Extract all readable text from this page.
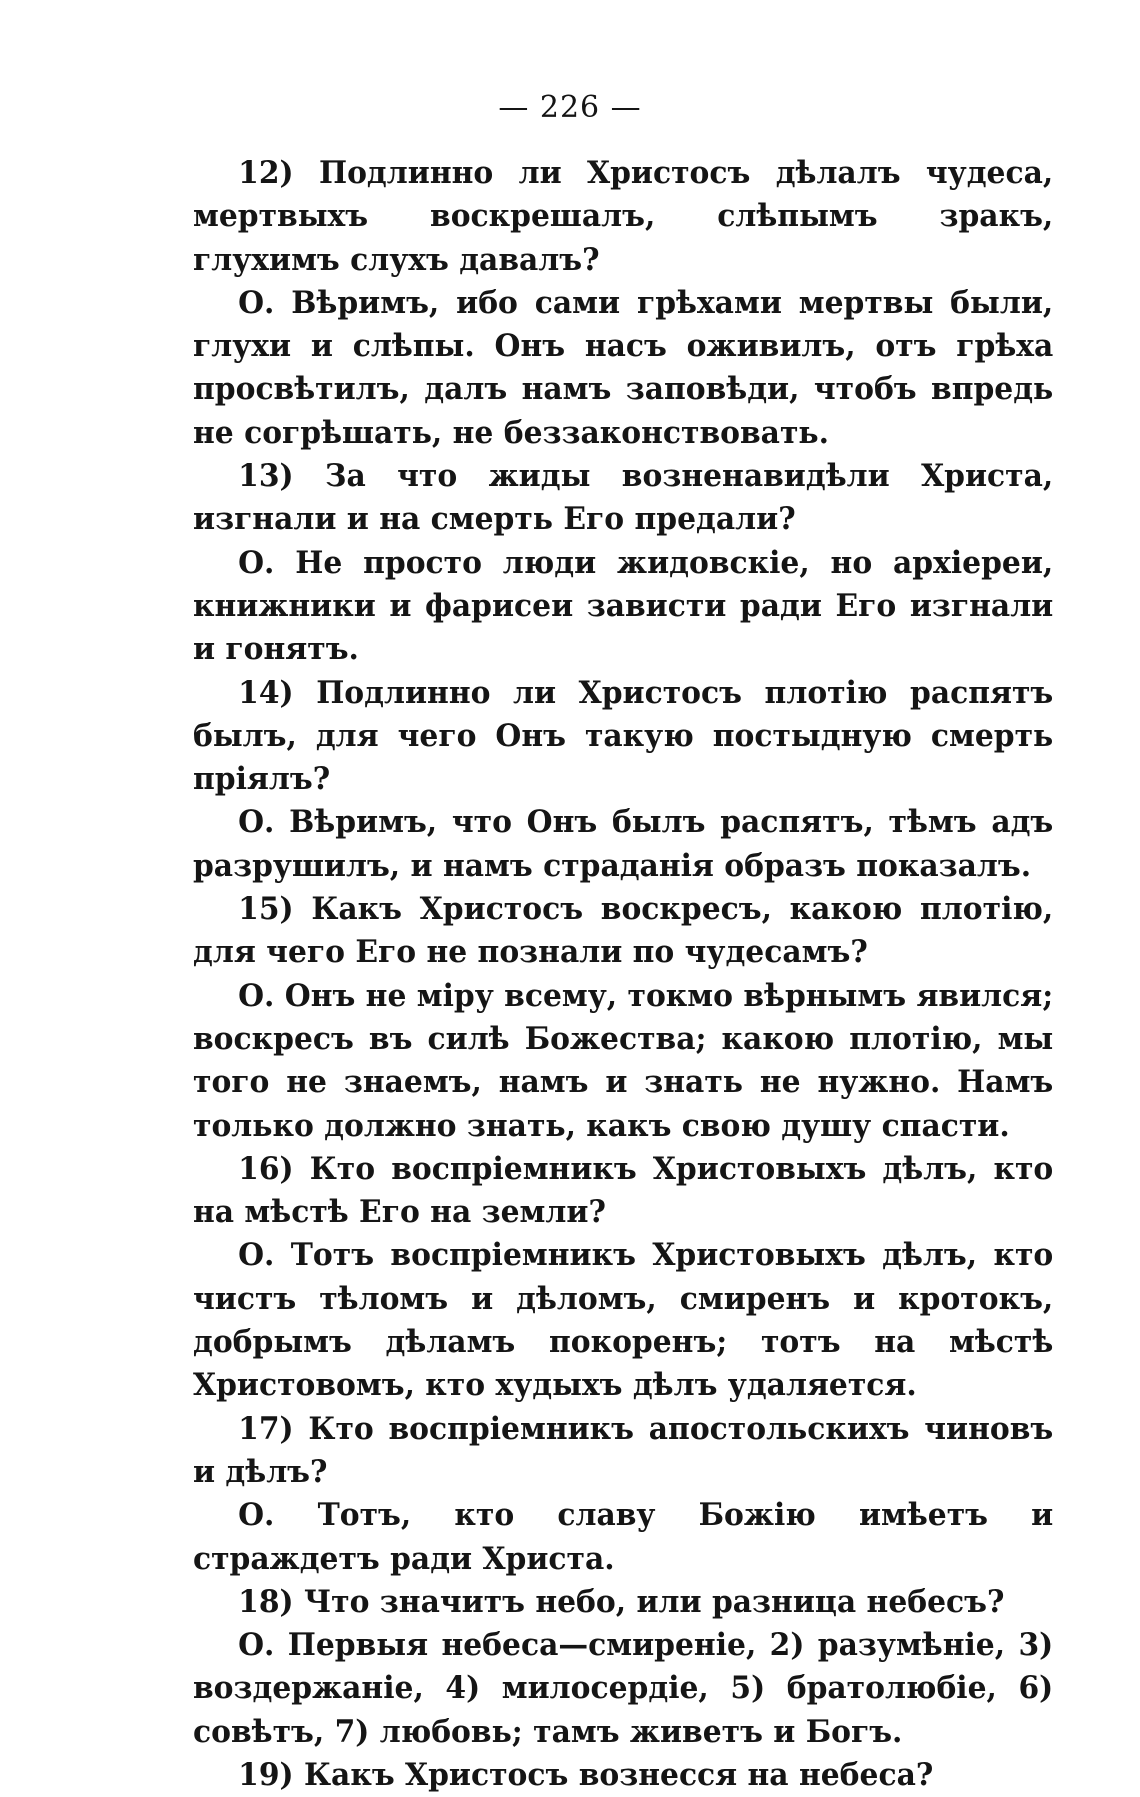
— 226 —

12) Подлинно ли Христосъ дѣлалъ чудеса, мертвыхъ воскрешалъ, слѣпымъ зракъ, глухимъ слухъ давалъ?

О. Вѣримъ, ибо сами грѣхами мертвы были, глухи и слѣпы. Онъ насъ оживилъ, отъ грѣха просвѣтилъ, далъ намъ заповѣди, чтобъ впредь не согрѣшать, не беззаконствовать.

13) За что жиды возненавидѣли Христа, изгнали и на смерть Его предали?

О. Не просто люди жидовскіе, но архіереи, книжники и фарисеи зависти ради Его изгнали и гонятъ.

14) Подлинно ли Христосъ плотію распятъ былъ, для чего Онъ такую постыдную смерть пріялъ?

О. Вѣримъ, что Онъ былъ распятъ, тѣмъ адъ разрушилъ, и намъ страданія образъ показалъ.

15) Какъ Христосъ воскресъ, какою плотію, для чего Его не познали по чудесамъ?

О. Онъ не міру всему, токмо вѣрнымъ явился; воскресъ въ силѣ Божества; какою плотію, мы того не знаемъ, намъ и знать не нужно. Намъ только должно знать, какъ свою душу спасти.

16) Кто воспріемникъ Христовыхъ дѣлъ, кто на мѣстѣ Его на земли?

О. Тотъ воспріемникъ Христовыхъ дѣлъ, кто чистъ тѣломъ и дѣломъ, смиренъ и кротокъ, добрымъ дѣламъ покоренъ; тотъ на мѣстѣ Христовомъ, кто худыхъ дѣлъ удаляется.

17) Кто воспріемникъ апостольскихъ чиновъ и дѣлъ?

О. Тотъ, кто славу Божію имѣетъ и страждетъ ради Христа.

18) Что значитъ небо, или разница небесъ?

О. Первыя небеса—смиреніе, 2) разумѣніе, 3) воздержаніе, 4) милосердіе, 5) братолюбіе, 6) совѣтъ, 7) любовь; тамъ живетъ и Богъ.

19) Какъ Христосъ вознесся на небеса?
